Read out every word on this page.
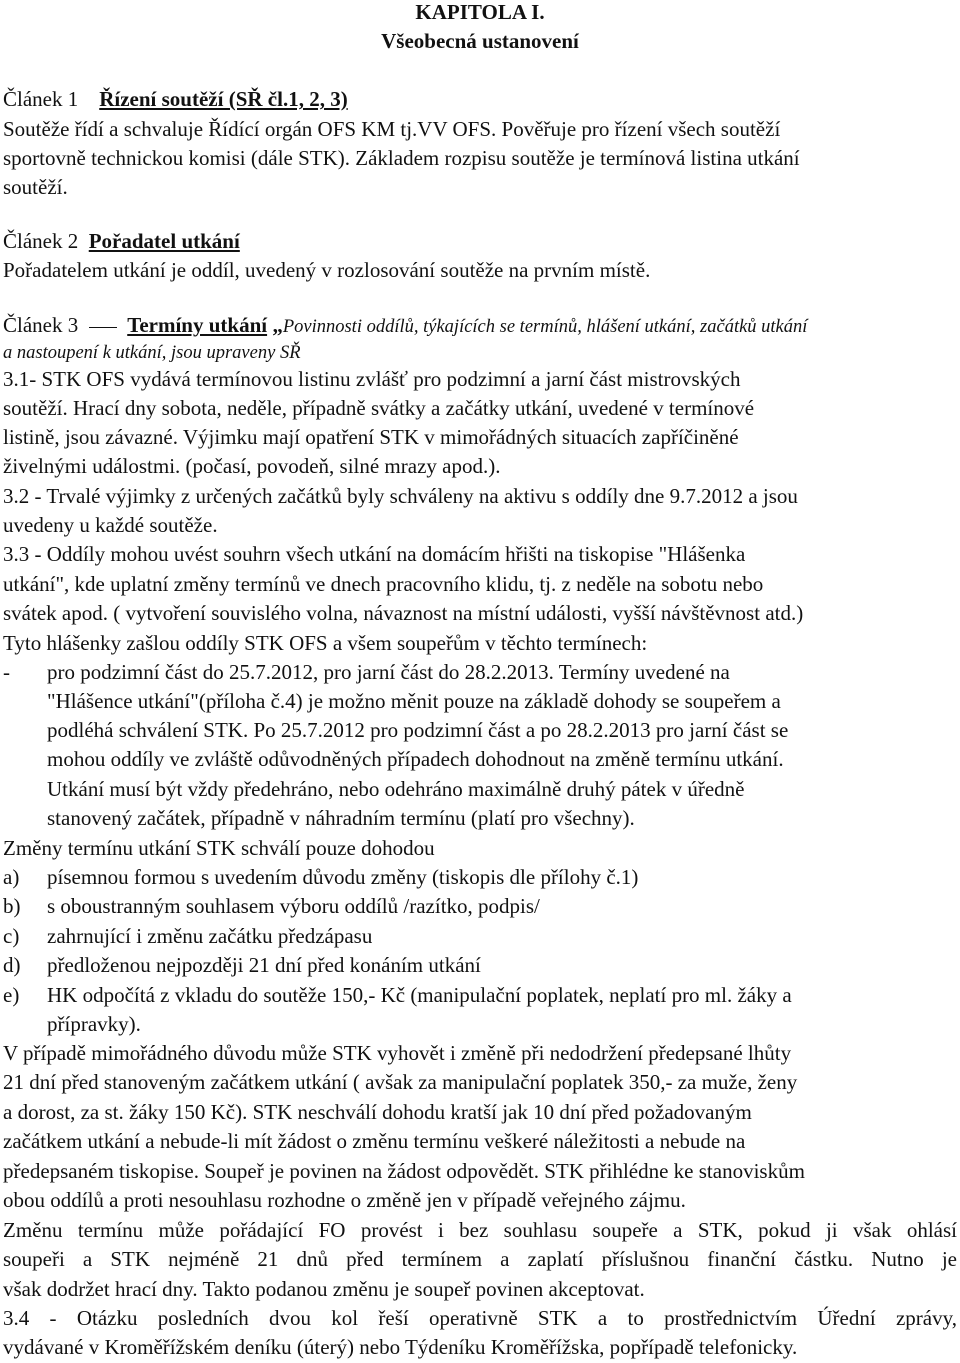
KAPITOLA I.
Všeobecná ustanovení
Článek 1 Řízení soutěží (SŘ čl.1, 2, 3)
Soutěže řídí a schvaluje Řídící orgán OFS KM tj.VV OFS. Pověřuje pro řízení všech soutěží
sportovně technickou komisi (dále STK). Základem rozpisu soutěže je termínová listina utkání
soutěží.
Článek 2 Pořadatel utkání
Pořadatelem utkání je oddíl, uvedený v rozlosování soutěže na prvním místě.
Článek 3 Termíny utkání „Povinnosti oddílů, týkajících se termínů, hlášení utkání, začátků utkání
a nastoupení k utkání, jsou upraveny SŘ
3.1- STK OFS vydává termínovou listinu zvlášť pro podzimní a jarní část mistrovských
soutěží. Hrací dny sobota, neděle, případně svátky a začátky utkání, uvedené v termínové
listině, jsou závazné. Výjimku mají opatření STK v mimořádných situacích zapříčiněné
živelnými událostmi. (počasí, povodeň, silné mrazy apod.).
3.2 - Trvalé výjimky z určených začátků byly schváleny na aktivu s oddíly dne 9.7.2012 a jsou
uvedeny u každé soutěže.
3.3 - Oddíly mohou uvést souhrn všech utkání na domácím hřišti na tiskopise "Hlášenka
utkání", kde uplatní změny termínů ve dnech pracovního klidu, tj. z neděle na sobotu nebo
svátek apod. ( vytvoření souvislého volna, návaznost na místní události, vyšší návštěvnost atd.)
Tyto hlášenky zašlou oddíly STK OFS a všem soupeřům v těchto termínech:
- pro podzimní část do 25.7.2012, pro jarní část do 28.2.2013. Termíny uvedené na
"Hlášence utkání"(příloha č.4) je možno měnit pouze na základě dohody se soupeřem a
podléhá schválení STK. Po 25.7.2012 pro podzimní část a po 28.2.2013 pro jarní část se
mohou oddíly ve zvláště odůvodněných případech dohodnout na změně termínu utkání.
Utkání musí být vždy předehráno, nebo odehráno maximálně druhý pátek v úředně
stanovený začátek, případně v náhradním termínu (platí pro všechny).
Změny termínu utkání STK schválí pouze dohodou
a) písemnou formou s uvedením důvodu změny (tiskopis dle přílohy č.1)
b) s oboustranným souhlasem výboru oddílů /razítko, podpis/
c) zahrnující i změnu začátku předzápasu
d) předloženou nejpozději 21 dní před konáním utkání
e) HK odpočítá z vkladu do soutěže 150,- Kč (manipulační poplatek, neplatí pro ml. žáky a
přípravky).
V případě mimořádného důvodu může STK vyhovět i změně při nedodržení předepsané lhůty
21 dní před stanoveným začátkem utkání ( avšak za manipulační poplatek 350,- za muže, ženy
a dorost, za st. žáky 150 Kč). STK neschválí dohodu kratší jak 10 dní před požadovaným
začátkem utkání a nebude-li mít žádost o změnu termínu veškeré náležitosti a nebude na
předepsaném tiskopise. Soupeř je povinen na žádost odpovědět. STK přihlédne ke stanoviskům
obou oddílů a proti nesouhlasu rozhodne o změně jen v případě veřejného zájmu.
Změnu termínu může pořádající FO provést i bez souhlasu soupeře a STK, pokud ji však ohlásí
soupeři a STK nejméně 21 dnů před termínem a zaplatí příslušnou finanční částku. Nutno je
však dodržet hrací dny. Takto podanou změnu je soupeř povinen akceptovat.
3.4 - Otázku posledních dvou kol řeší operativně STK a to prostřednictvím Úřední zprávy,
vydávané v Kroměřížském deníku (úterý) nebo Týdeníku Kroměřížska, popřípadě telefonicky.
